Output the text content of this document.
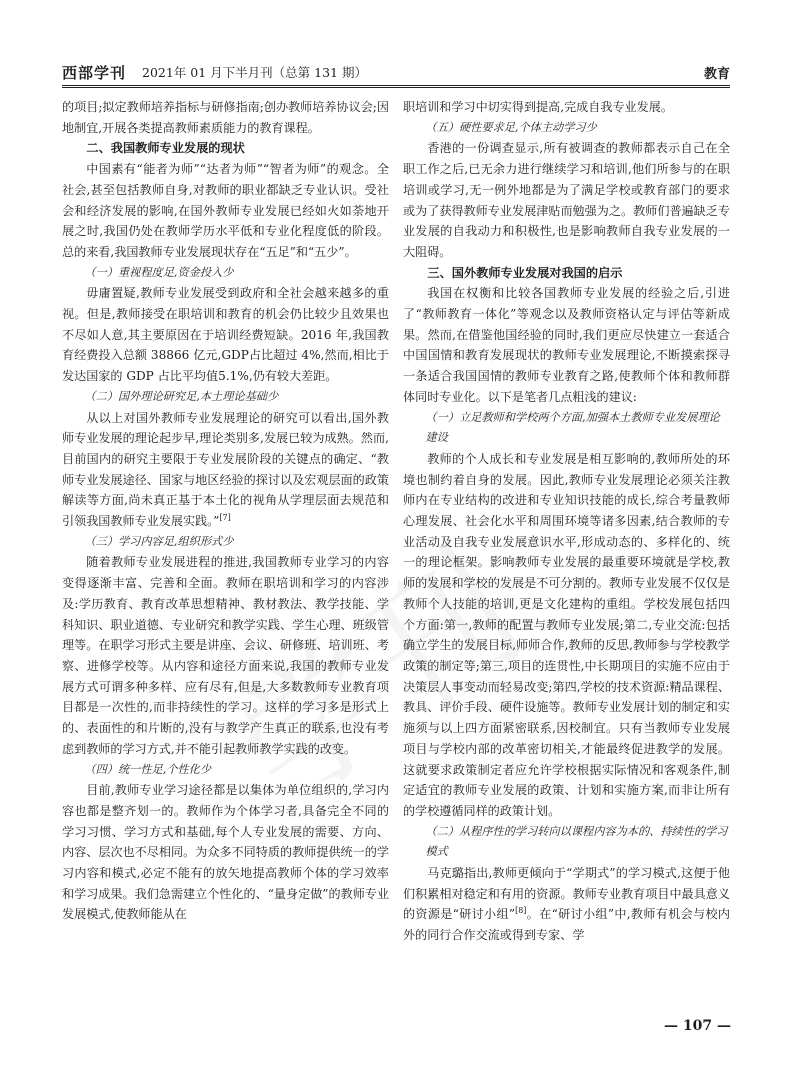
西部学刊 2021年 01 月下半月刊（总第 131 期）	教育

的项目;拟定教师培养指标与研修指南;创办教师培养协议会;因地制宜,开展各类提高教师素质能力的教育课程。

二、我国教师专业发展的现状

中国素有“能者为师”“达者为师”“智者为师”的观念。全社会,甚至包括教师自身,对教师的职业都缺乏专业认识。受社会和经济发展的影响,在国外教师专业发展已经如火如荼地开展之时,我国仍处在教师学历水平低和专业化程度低的阶段。总的来看,我国教师专业发展现状存在“五足”和“五少”。

（一）重视程度足,资金投入少

毋庸置疑,教师专业发展受到政府和全社会越来越多的重视。但是,教师接受在职培训和教育的机会仍比较少且效果也不尽如人意,其主要原因在于培训经费短缺。2016 年,我国教育经费投入总额 38866 亿元,GDP占比超过 4%,然而,相比于发达国家的 GDP 占比平均值5.1%,仍有较大差距。

（二）国外理论研究足,本土理论基础少

从以上对国外教师专业发展理论的研究可以看出,国外教师专业发展的理论起步早,理论类别多,发展已较为成熟。然而,目前国内的研究主要限于专业发展阶段的关键点的确定、“教师专业发展途径、国家与地区经验的探讨以及宏观层面的政策解读等方面,尚未真正基于本土化的视角从学理层面去规范和引领我国教师专业发展实践。”[7]

（三）学习内容足,组织形式少

随着教师专业发展进程的推进,我国教师专业学习的内容变得逐渐丰富、完善和全面。教师在职培训和学习的内容涉及:学历教育、教育改革思想精神、教材教法、教学技能、学科知识、职业道德、专业研究和教学实践、学生心理、班级管理等。在职学习形式主要是讲座、会议、研修班、培训班、考察、进修学校等。从内容和途径方面来说,我国的教师专业发展方式可谓多种多样、应有尽有,但是,大多数教师专业教育项目都是一次性的,而非持续性的学习。这样的学习多是形式上的、表面性的和片断的,没有与教学产生真正的联系,也没有考虑到教师的学习方式,并不能引起教师教学实践的改变。

（四）统一性足,个性化少

目前,教师专业学习途径都是以集体为单位组织的,学习内容也都是整齐划一的。教师作为个体学习者,具备完全不同的学习习惯、学习方式和基础,每个人专业发展的需要、方向、内容、层次也不尽相同。为众多不同特质的教师提供统一的学习内容和模式,必定不能有的放矢地提高教师个体的学习效率和学习成果。我们急需建立个性化的、“量身定做”的教师专业发展模式,使教师能从在

职培训和学习中切实得到提高,完成自我专业发展。

（五）硬性要求足,个体主动学习少

香港的一份调查显示,所有被调查的教师都表示自己在全职工作之后,已无余力进行继续学习和培训,他们所参与的在职培训或学习,无一例外地都是为了满足学校或教育部门的要求或为了获得教师专业发展津贴而勉强为之。教师们普遍缺乏专业发展的自我动力和积极性,也是影响教师自我专业发展的一大阻碍。

三、国外教师专业发展对我国的启示

我国在权衡和比较各国教师专业发展的经验之后,引进了“教师教育一体化”等观念以及教师资格认定与评估等新成果。然而,在借鉴他国经验的同时,我们更应尽快建立一套适合中国国情和教育发展现状的教师专业发展理论,不断摸索探寻一条适合我国国情的教师专业教育之路,使教师个体和教师群体同时专业化。以下是笔者几点粗浅的建议:

（一）立足教师和学校两个方面,加强本土教师专业发展理论建设

教师的个人成长和专业发展是相互影响的,教师所处的环境也制约着自身的发展。因此,教师专业发展理论必须关注教师内在专业结构的改进和专业知识技能的成长,综合考量教师心理发展、社会化水平和周围环境等诸多因素,结合教师的专业活动及自我专业发展意识水平,形成动态的、多样化的、统一的理论框架。影响教师专业发展的最重要环境就是学校,教师的发展和学校的发展是不可分割的。教师专业发展不仅仅是教师个人技能的培训,更是文化建构的重组。学校发展包括四个方面:第一,教师的配置与教师专业发展;第二,专业交流:包括确立学生的发展目标,师师合作,教师的反思,教师参与学校教学政策的制定等;第三,项目的连贯性,中长期项目的实施不应由于决策层人事变动而轻易改变;第四,学校的技术资源:精品课程、教具、评价手段、硬件设施等。教师专业发展计划的制定和实施须与以上四方面紧密联系,因校制宜。只有当教师专业发展项目与学校内部的改革密切相关,才能最终促进教学的发展。这就要求政策制定者应允许学校根据实际情况和客观条件,制定适宜的教师专业发展的政策、计划和实施方案,而非让所有的学校遵循同样的政策计划。

（二）从程序性的学习转向以课程内容为本的、持续性的学习模式

马克璐指出,教师更倾向于“学期式”的学习模式,这便于他们积累相对稳定和有用的资源。教师专业教育项目中最具意义的资源是“研讨小组”[8]。在“研讨小组”中,教师有机会与校内外的同行合作交流或得到专家、学

— 107 —
